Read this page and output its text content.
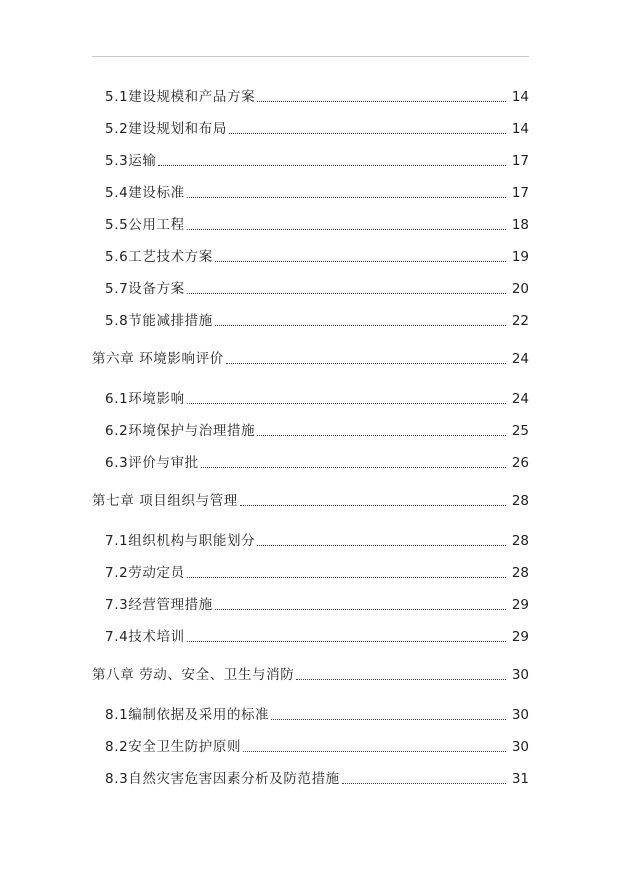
5.1建设规模和产品方案	14
5.2建设规划和布局	14
5.3运输	17
5.4建设标准	17
5.5公用工程	18
5.6工艺技术方案	19
5.7设备方案	20
5.8节能减排措施	22
第六章 环境影响评价	24
6.1环境影响	24
6.2环境保护与治理措施	25
6.3评价与审批	26
第七章 项目组织与管理	28
7.1组织机构与职能划分	28
7.2劳动定员	28
7.3经营管理措施	29
7.4技术培训	29
第八章 劳动、安全、卫生与消防	30
8.1编制依据及采用的标准	30
8.2安全卫生防护原则	30
8.3自然灾害危害因素分析及防范措施	31
